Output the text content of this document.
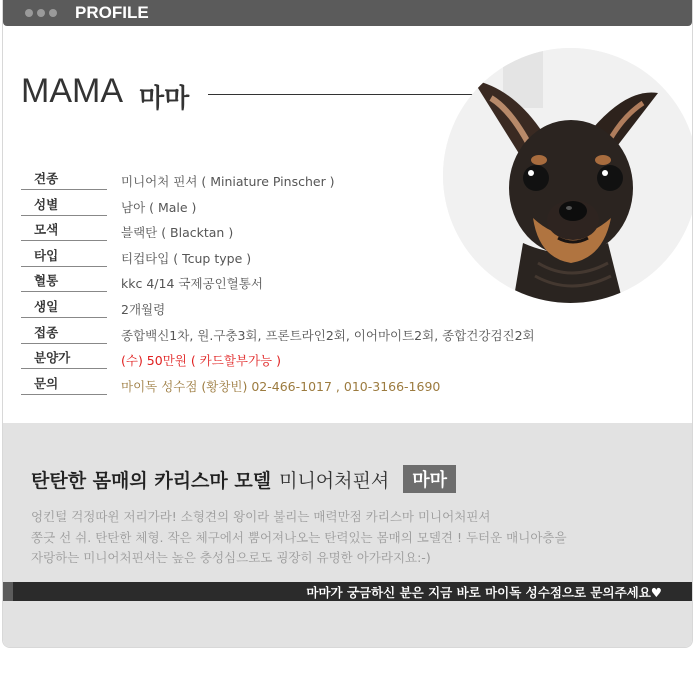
PROFILE
MAMA 마마
견종	미니어처 핀셔 ( Miniature Pinscher )
성별	남아 ( Male )
모색	블랙탄 ( Blacktan )
타입	티컵타입 ( Tcup type )
혈통	kkc 4/14 국제공인혈통서
생일	2개월령
접종	종합백신1차, 원.구충3회, 프론트라인2회, 이어마이트2회, 종합건강검진2회
분양가	(수) 50만원 ( 카드할부가능 )
문의	마이독 성수점 (황창빈) 02-466-1017 , 010-3166-1690
탄탄한 몸매의 카리스마 모델 미니어처핀셔 마마
엉킨털 걱정따윈 저리가라! 소형견의 왕이라 불리는 매력만점 카리스마 미니어처핀셔
쫑긋 선 쉬. 탄탄한 체형. 작은 체구에서 뿜어져나오는 탄력있는 몸매의 모델견 ! 두터운 매니아층을
자랑하는 미니어처핀셔는 높은 충성심으로도 굉장히 유명한 아가라지요:-)
마마가 궁금하신 분은 지금 바로 마이독 성수점으로 문의주세요♥
